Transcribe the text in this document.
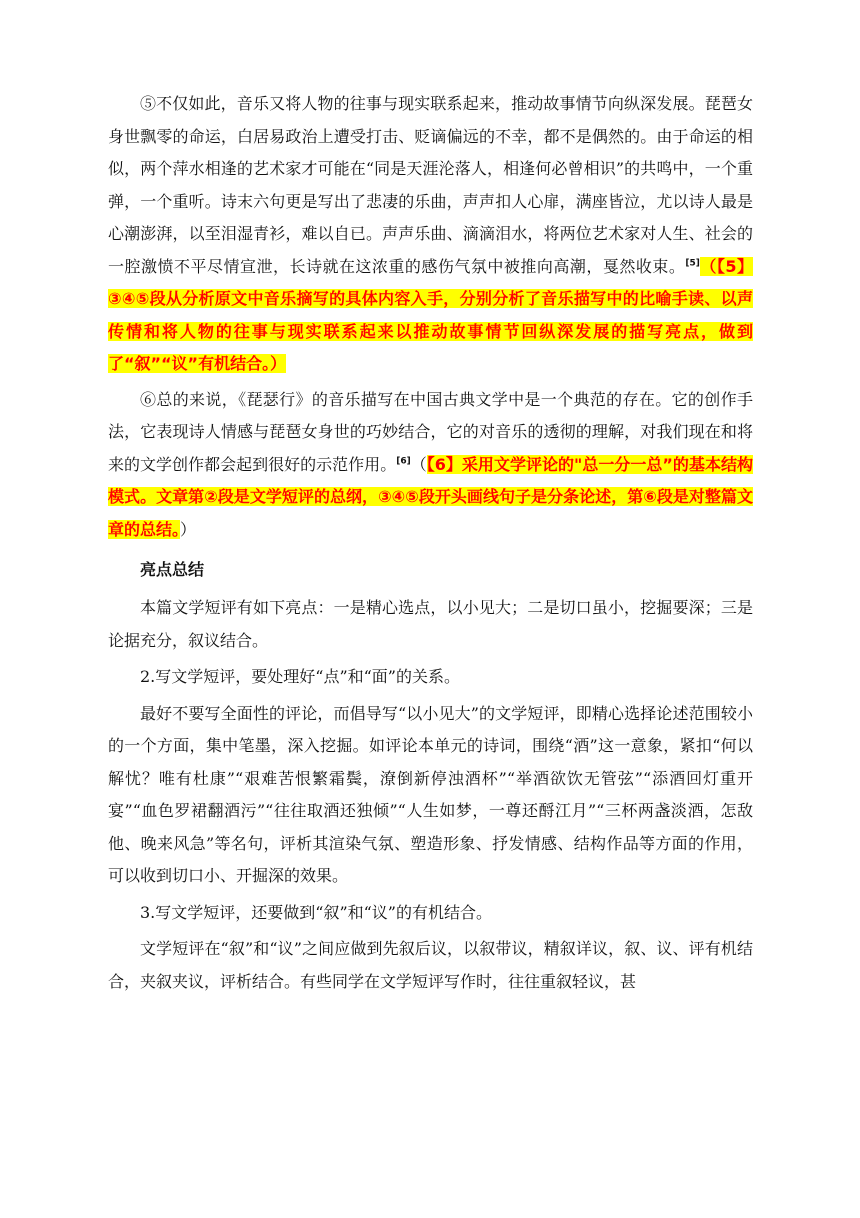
⑤不仅如此，音乐又将人物的往事与现实联系起来，推动故事情节向纵深发展。琵琶女身世飘零的命运，白居易政治上遭受打击、贬谪偏远的不幸，都不是偶然的。由于命运的相似，两个萍水相逢的艺术家才可能在“同是天涯沦落人，相逢何必曾相识”的共鸣中，一个重弹，一个重听。诗末六句更是写出了悲凄的乐曲，声声扣人心扉，满座皆泣，尤以诗人最是心潮澎湃，以至泪湿青衫，难以自已。声声乐曲、滴滴泪水，将两位艺术家对人生、社会的一腔激愤不平尽情宣泄，长诗就在这浓重的感伤气氛中被推向高潮，戛然收束。[5]（【5】③④⑤段从分析原文中音乐摘写的具体内容入手，分别分析了音乐描写中的比喻手读、以声传情和将人物的往事与现实联系起来以推动故事情节回纵深发展的描写亮点，做到了“叙”“议”有机结合。）

⑥总的来说，《琵瑟行》的音乐描写在中国古典文学中是一个典范的存在。它的创作手法，它表现诗人情感与琵琶女身世的巧妙结合，它的对音乐的透彻的理解，对我们现在和将来的文学创作都会起到很好的示范作用。[6]（【6】采用文学评论的"总一分一总”的基本结构模式。文章第②段是文学短评的总纲，③④⑤段开头画线句子是分条论述，第⑥段是对整篇文章的总结。）

亮点总结

本篇文学短评有如下亮点：一是精心选点，以小见大；二是切口虽小，挖掘要深；三是论据充分，叙议结合。

2.写文学短评，要处理好“点”和“面”的关系。

最好不要写全面性的评论，而倡导写“以小见大”的文学短评，即精心选择论述范围较小的一个方面，集中笔墨，深入挖掘。如评论本单元的诗词，围绕“酒”这一意象，紧扣“何以解忧？唯有杜康”“艰难苦恨繁霜鬓，潦倒新停浊酒杯”“举酒欲饮无管弦”“添酒回灯重开宴”“血色罗裙翻酒污”“往往取酒还独倾”“人生如梦，一尊还酹江月”“三杯两盏淡酒，怎敌他、晚来风急”等名句，评析其渲染气氛、塑造形象、抒发情感、结构作品等方面的作用，可以收到切口小、开掘深的效果。

3.写文学短评，还要做到“叙”和“议”的有机结合。

文学短评在“叙”和“议”之间应做到先叙后议，以叙带议，精叙详议，叙、议、评有机结合，夹叙夹议，评析结合。有些同学在文学短评写作时，往往重叙轻议，甚
